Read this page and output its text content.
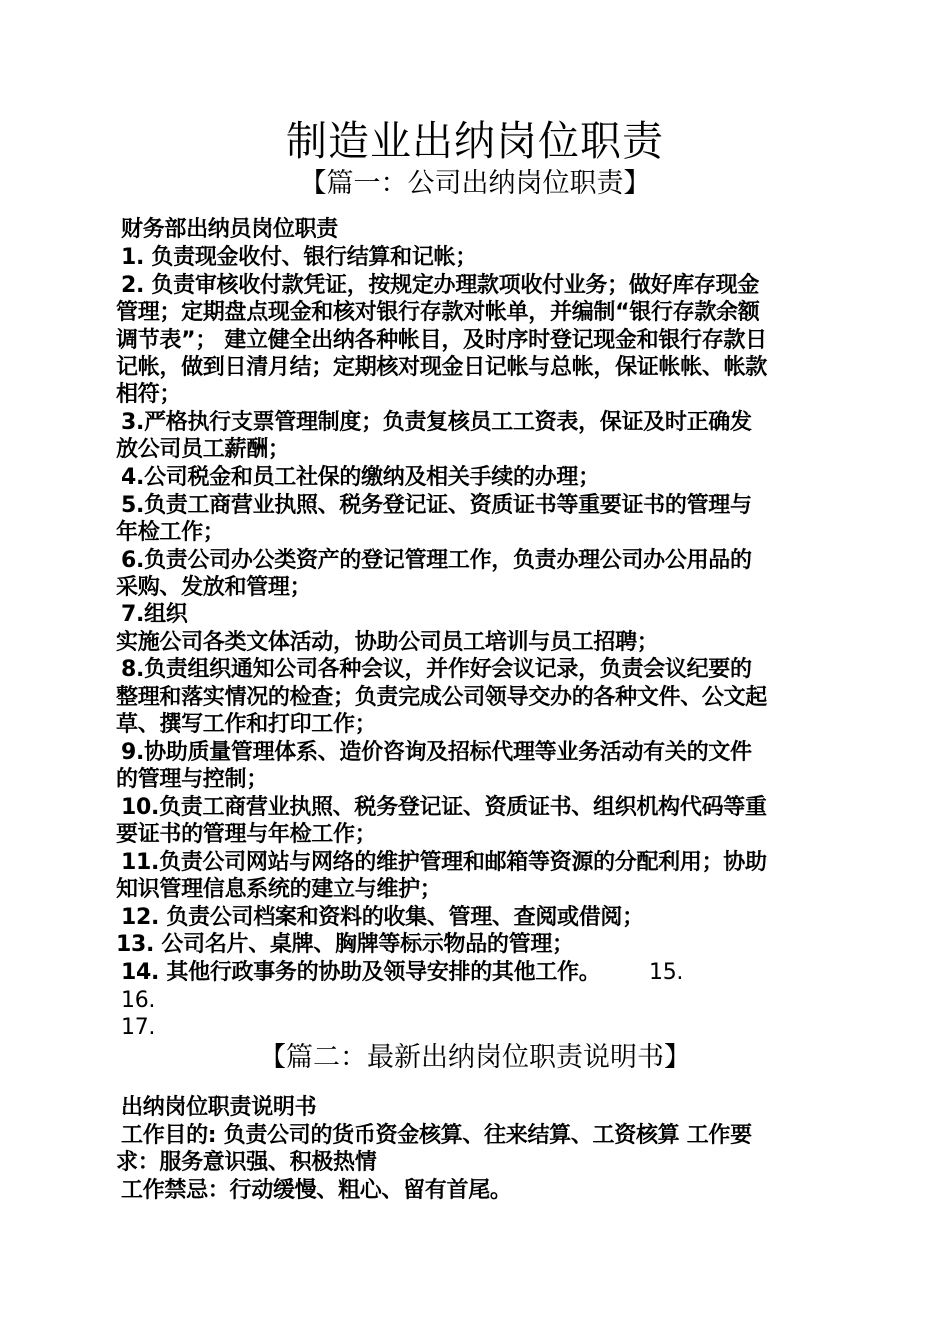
制造业出纳岗位职责
【篇一：公司出纳岗位职责】
财务部出纳员岗位职责
1. 负责现金收付、银行结算和记帐；
2. 负责审核收付款凭证，按规定办理款项收付业务；做好库存现金
管理；定期盘点现金和核对银行存款对帐单，并编制“银行存款余额
调节表”； 建立健全出纳各种帐目，及时序时登记现金和银行存款日
记帐，做到日清月结；定期核对现金日记帐与总帐，保证帐帐、帐款
相符；
3.严格执行支票管理制度；负责复核员工工资表，保证及时正确发
放公司员工薪酬；
4.公司税金和员工社保的缴纳及相关手续的办理；
5.负责工商营业执照、税务登记证、资质证书等重要证书的管理与
年检工作；
6.负责公司办公类资产的登记管理工作，负责办理公司办公用品的
采购、发放和管理；
7.组织
实施公司各类文体活动，协助公司员工培训与员工招聘；
8.负责组织通知公司各种会议，并作好会议记录，负责会议纪要的
整理和落实情况的检查；负责完成公司领导交办的各种文件、公文起
草、撰写工作和打印工作；
9.协助质量管理体系、造价咨询及招标代理等业务活动有关的文件
的管理与控制；
10.负责工商营业执照、税务登记证、资质证书、组织机构代码等重
要证书的管理与年检工作；
11.负责公司网站与网络的维护管理和邮箱等资源的分配利用；协助
知识管理信息系统的建立与维护；
12. 负责公司档案和资料的收集、管理、查阅或借阅；
13. 公司名片、桌牌、胸牌等标示物品的管理；
14. 其他行政事务的协助及领导安排的其他工作。 15.
16.
17.
【篇二：最新出纳岗位职责说明书】
出纳岗位职责说明书
工作目的: 负责公司的货币资金核算、往来结算、工资核算 工作要
求：服务意识强、积极热情
工作禁忌：行动缓慢、粗心、留有首尾。
